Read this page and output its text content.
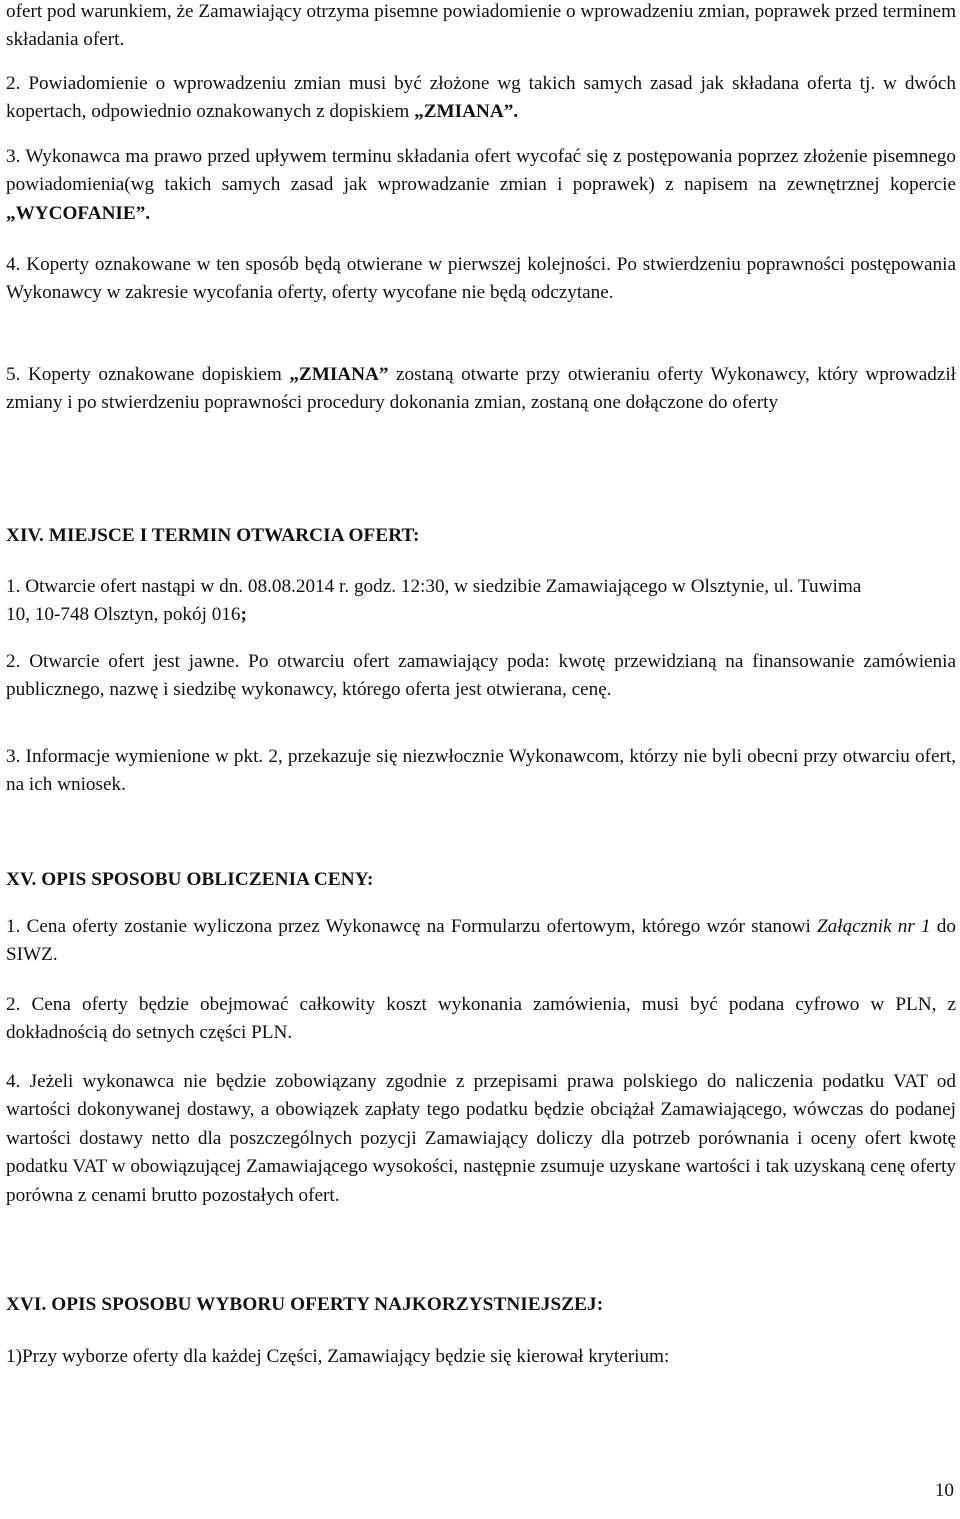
ofert pod warunkiem, że Zamawiający otrzyma pisemne powiadomienie o wprowadzeniu zmian, poprawek przed terminem składania ofert.

2. Powiadomienie o wprowadzeniu zmian musi być złożone wg takich samych zasad jak składana oferta tj. w dwóch kopertach, odpowiednio oznakowanych z dopiskiem „ZMIANA”.

3. Wykonawca ma prawo przed upływem terminu składania ofert wycofać się z postępowania poprzez złożenie pisemnego powiadomienia(wg takich samych zasad jak wprowadzanie zmian i poprawek) z napisem na zewnętrznej kopercie „WYCOFANIE”.

4. Koperty oznakowane w ten sposób będą otwierane w pierwszej kolejności. Po stwierdzeniu poprawności postępowania Wykonawcy w zakresie wycofania oferty, oferty wycofane nie będą odczytane.

5. Koperty oznakowane dopiskiem „ZMIANA” zostaną otwarte przy otwieraniu oferty Wykonawcy, który wprowadził zmiany i po stwierdzeniu poprawności procedury dokonania zmian, zostaną one dołączone do oferty

XIV. MIEJSCE I TERMIN OTWARCIA OFERT:

1. Otwarcie ofert nastąpi w dn. 08.08.2014 r. godz. 12:30, w siedzibie Zamawiającego w Olsztynie, ul. Tuwima 10, 10-748 Olsztyn, pokój 016;

2. Otwarcie ofert jest jawne. Po otwarciu ofert zamawiający poda: kwotę przewidzianą na finansowanie zamówienia publicznego, nazwę i siedzibę wykonawcy, którego oferta jest otwierana, cenę.

3. Informacje wymienione w pkt. 2, przekazuje się niezwłocznie Wykonawcom, którzy nie byli obecni przy otwarciu ofert, na ich wniosek.

XV. OPIS SPOSOBU OBLICZENIA CENY:

1. Cena oferty zostanie wyliczona przez Wykonawcę na Formularzu ofertowym, którego wzór stanowi Załącznik nr 1 do SIWZ.

2. Cena oferty będzie obejmować całkowity koszt wykonania zamówienia, musi być podana cyfrowo w PLN, z dokładnością do setnych części PLN.

4. Jeżeli wykonawca nie będzie zobowiązany zgodnie z przepisami prawa polskiego do naliczenia podatku VAT od wartości dokonywanej dostawy, a obowiązek zapłaty tego podatku będzie obciążał Zamawiającego, wówczas do podanej wartości dostawy netto dla poszczególnych pozycji Zamawiający doliczy dla potrzeb porównania i oceny ofert kwotę podatku VAT w obowiązującej Zamawiającego wysokości, następnie zsumuje uzyskane wartości i tak uzyskaną cenę oferty porówna z cenami brutto pozostałych ofert.

XVI. OPIS SPOSOBU WYBORU OFERTY NAJKORZYSTNIEJSZEJ:

1)Przy wyborze oferty dla każdej Części, Zamawiający będzie się kierował kryterium:

10
